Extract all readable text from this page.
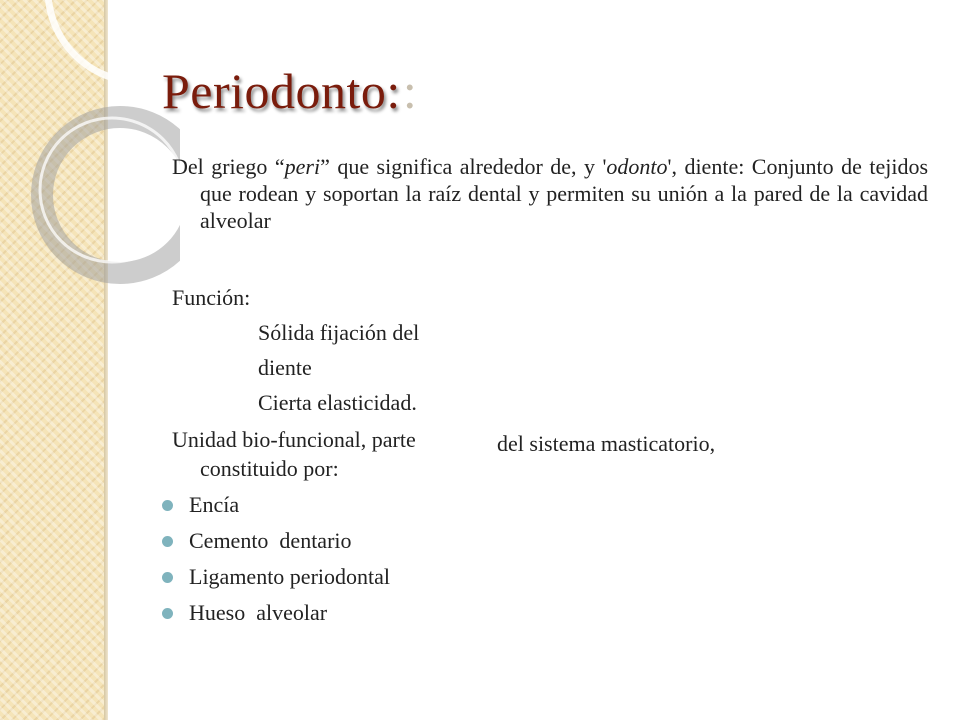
Periodonto::

Del griego “peri” que significa alrededor de, y 'odonto', diente: Conjunto de tejidos que rodean y soportan la raíz dental y permiten su unión a la pared de la cavidad alveolar

Función:

Sólida fijación del

diente

Cierta elasticidad.

Unidad bio-funcional, parte	del sistema masticatorio,

constituido por:

Encía
Cemento  dentario
Ligamento periodontal
Hueso  alveolar
